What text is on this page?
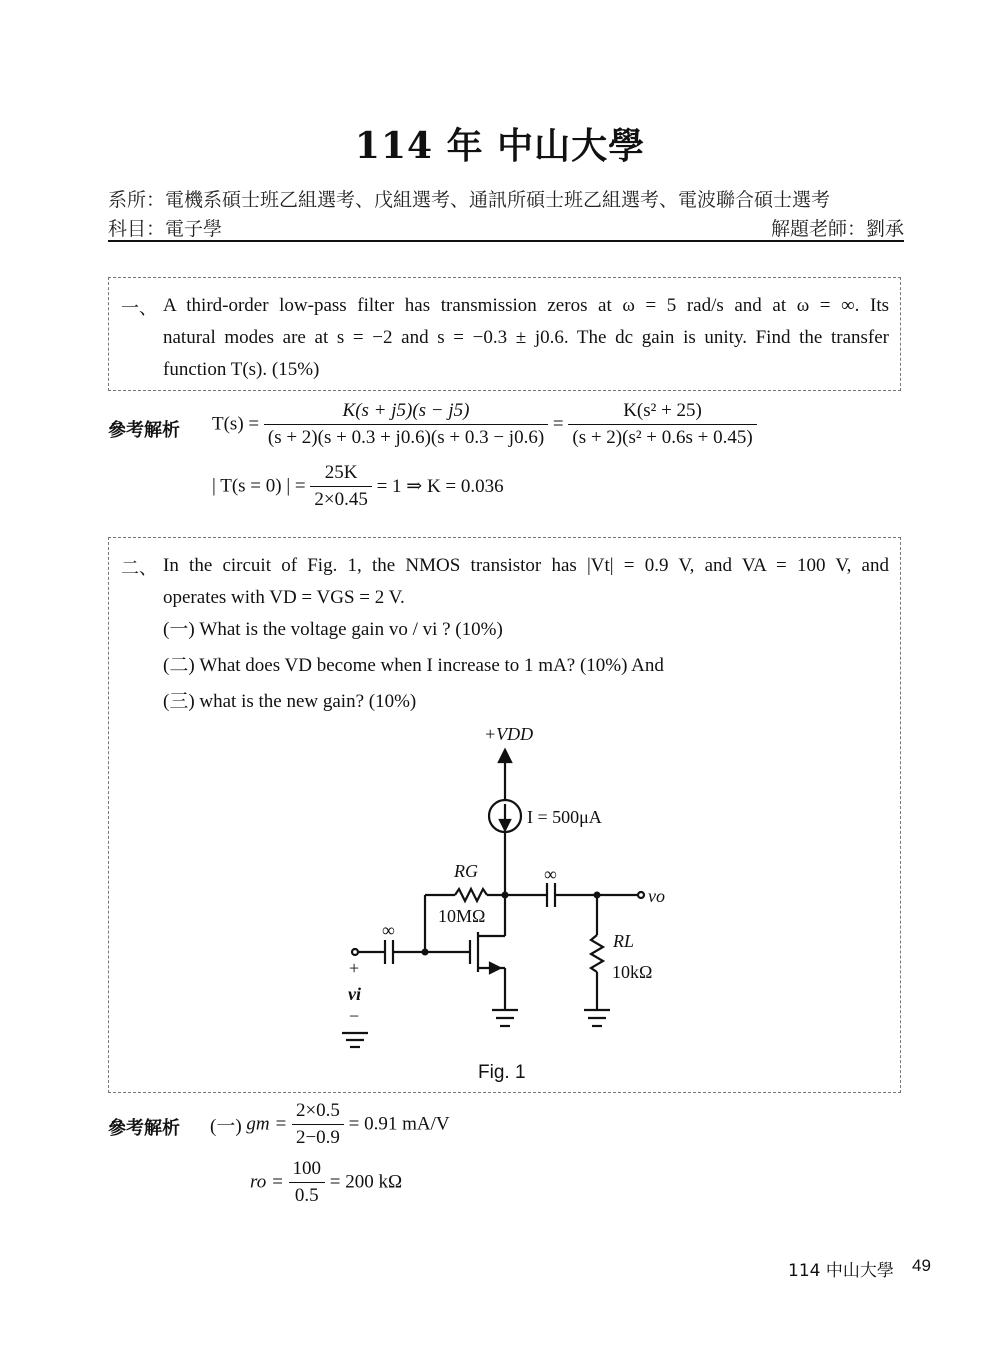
114 年 中山大學
系所：電機系碩士班乙組選考、戊組選考、通訊所碩士班乙組選考、電波聯合碩士選考
科目：電子學	解題老師：劉承
一、 A third-order low-pass filter has transmission zeros at ω = 5 rad/s and at ω = ∞. Its
natural modes are at s = −2 and s = −0.3 ± j0.6. The dc gain is unity. Find the transfer
function T(s). (15%)
參考解析 $T(s) = \frac{K(s + j5)(s - j5)}{(s + 2)(s + 0.3 + j0.6)(s + 0.3 - j0.6)} = \frac{\text{K(s² + 25)}}{\text{(s + 2)(s² + 0.6s + 0.45)}}$
| T(s = 0) | = $\frac{25K}{2\times 0.45} = 1$ ⇒ K = 0.036
二、 In the circuit of Fig. 1, the NMOS transistor has |Vt| = 0.9 V, and VA = 100 V, and
operates with VD = VGS = 2 V.
(一) What is the voltage gain vo / vi ? (10%)
(二) What does VD become when I increase to 1 mA? (10%) And
(三) what is the new gain? (10%)
+VDD
I = 500μA
RG
10MΩ
∞
∞
vo
RL
10kΩ
+
vi
−
Fig. 1
參考解析 (一) gm = $\frac{2\times 0.5}{2-0.9} = 0.91$ mA/V
ro = $\frac{100}{0.5} = 200$ kΩ
114 中山大學 49
